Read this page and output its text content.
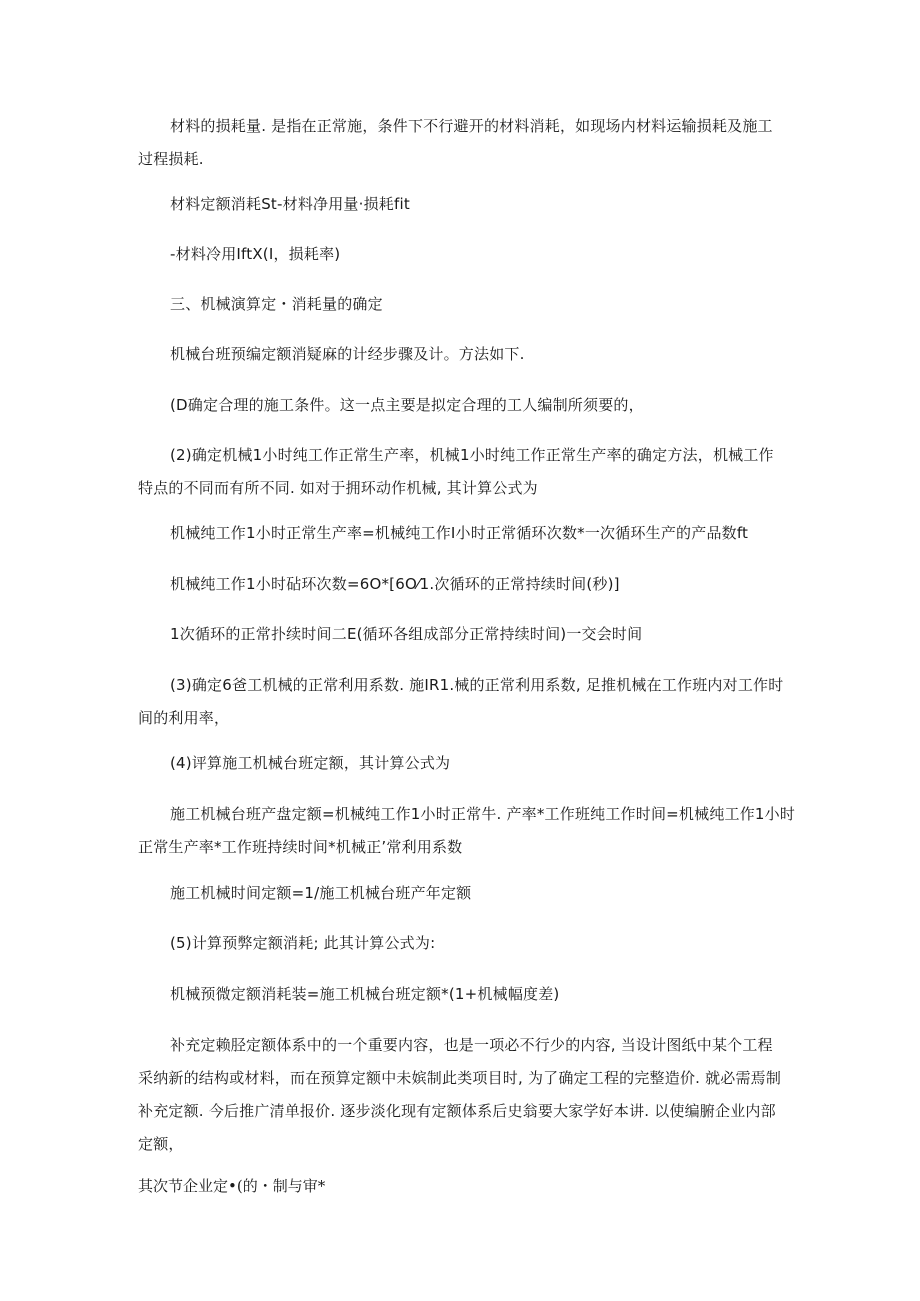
材料的损耗量. 是指在正常施，条件下不行避开的材料消耗，如现场内材料运输损耗及施工
过程损耗.

材料定额消耗St-材料净用量·损耗fit

-材料冷用IftX(I，损耗率)

三、机械演算定・消耗量的确定

机械台班预编定额消疑麻的计经步骤及计。方法如下.

(D确定合理的施工条件。这一点主要是拟定合理的工人编制所须要的，

(2)确定机械1小时纯工作正常生产率，机械1小时纯工作正常生产率的确定方法，机械工作
特点的不同而有所不同. 如对于拥环动作机械, 其计算公式为

机械纯工作1小时正常生产率=机械纯工作I小时正常循环次数*一次循环生产的产品数ft

机械纯工作1小时砧环次数=6O*[6O⁄1.次循环的正常持续时间(秒)]

1次循环的正常扑续时间二E(循环各组成部分正常持续时间)一交会时间

(3)确定6爸工机械的正常利用系数. 施IR1.械的正常利用系数, 足推机械在工作班内对工作时
间的利用率，

(4)评算施工机械台班定额，其计算公式为

施工机械台班产盘定额=机械纯工作1小时正常牛. 产率*工作班纯工作时间=机械纯工作1小时
正常生产率*工作班持续时间*机械正’常利用系数

施工机械时间定额=1/施工机械台班产年定额

(5)计算预弊定额消耗; 此其计算公式为:

机械预微定额消耗装=施工机械台班定额*(1+机械幅度差)

补充定赖胫定额体系中的一个重要内容，也是一项必不行少的内容, 当设计图纸中某个工程
采纳新的结构或材料，而在预算定额中未嫔制此类项目时, 为了确定工程的完整造价. 就必需焉制
补充定额. 今后推广清单报价. 逐步淡化现有定额体系后史翁要大家学好本讲. 以使编腑企业内部
定额，

其次节企业定•(的・制与审*
